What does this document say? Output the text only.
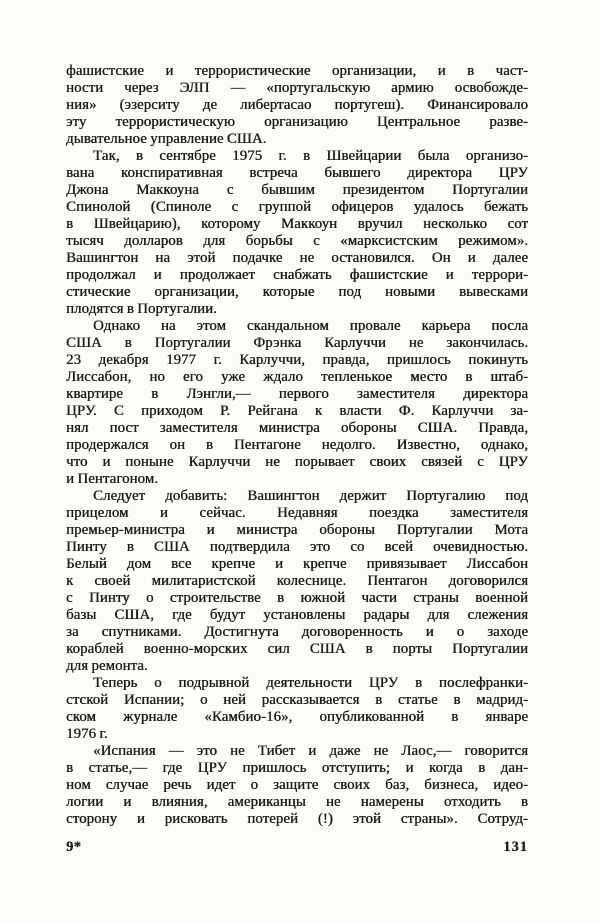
фашистские и террористические организации, и в част-
ности через ЭЛП — «португальскую армию освобожде-
ния» (эзерситу де либертасао португеш). Финансировало
эту террористическую организацию Центральное разве-
дывательное управление США.
Так, в сентябре 1975 г. в Швейцарии была организо-
вана конспиративная встреча бывшего директора ЦРУ
Джона Маккоуна с бывшим президентом Португалии
Спинолой (Спиноле с группой офицеров удалось бежать
в Швейцарию), которому Маккоун вручил несколько сот
тысяч долларов для борьбы с «марксистским режимом».
Вашингтон на этой подачке не остановился. Он и далее
продолжал и продолжает снабжать фашистские и террори-
стические организации, которые под новыми вывесками
плодятся в Португалии.
Однако на этом скандальном провале карьера посла
США в Португалии Фрэнка Карлуччи не закончилась.
23 декабря 1977 г. Карлуччи, правда, пришлось покинуть
Лиссабон, но его уже ждало тепленькое место в штаб-
квартире в Лэнгли,— первого заместителя директора
ЦРУ. С приходом Р. Рейгана к власти Ф. Карлуччи за-
нял пост заместителя министра обороны США. Правда,
продержался он в Пентагоне недолго. Известно, однако,
что и поныне Карлуччи не порывает своих связей с ЦРУ
и Пентагоном.
Следует добавить: Вашингтон держит Португалию под
прицелом и сейчас. Недавняя поездка заместителя
премьер-министра и министра обороны Португалии Мота
Пинту в США подтвердила это со всей очевидностью.
Белый дом все крепче и крепче привязывает Лиссабон
к своей милитаристской колеснице. Пентагон договорился
с Пинту о строительстве в южной части страны военной
базы США, где будут установлены радары для слежения
за спутниками. Достигнута договоренность и о заходе
кораблей военно-морских сил США в порты Португалии
для ремонта.
Теперь о подрывной деятельности ЦРУ в послефранки-
стской Испании; о ней рассказывается в статье в мадрид-
ском журнале «Камбио-16», опубликованной в январе
1976 г.
«Испания — это не Тибет и даже не Лаос,— говорится
в статье,— где ЦРУ пришлось отступить; и когда в дан-
ном случае речь идет о защите своих баз, бизнеса, идео-
логии и влияния, американцы не намерены отходить в
сторону и рисковать потерей (!) этой страны». Сотруд-
9*	131
